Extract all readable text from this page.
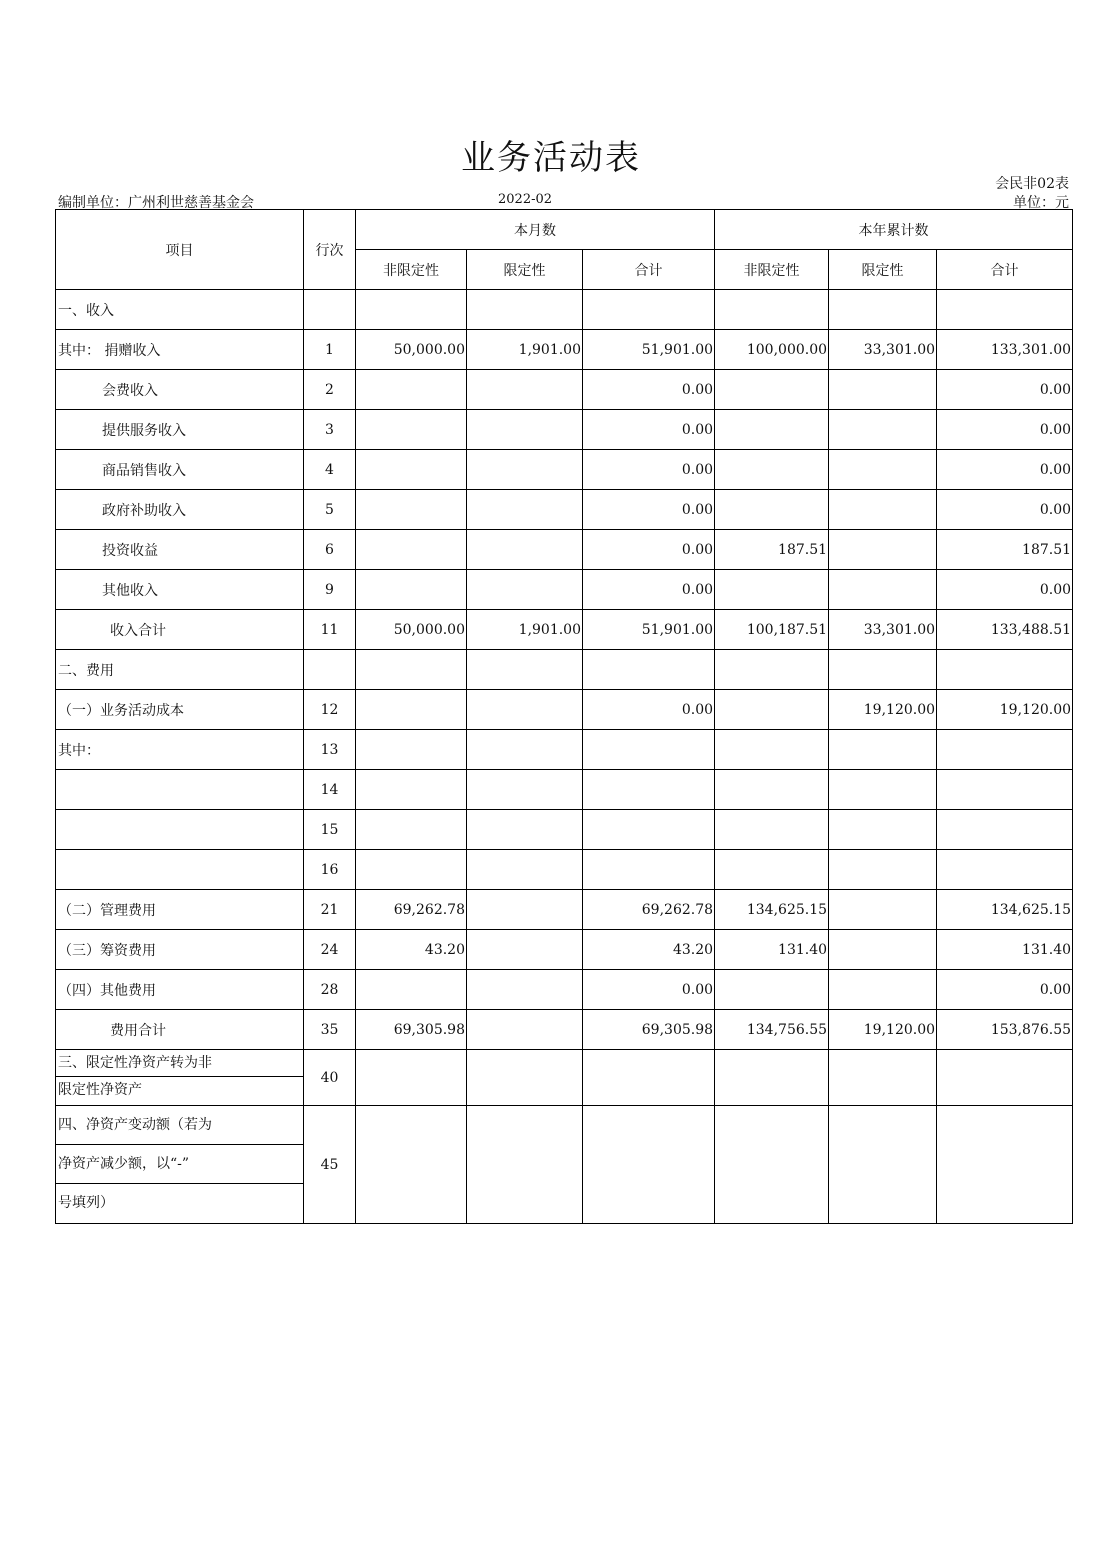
业务活动表
会民非02表
编制单位：广州利世慈善基金会	2022-02	单位：元
项目	行次	本月数			本年累计数		
		非限定性	限定性	合计	非限定性	限定性	合计
一、收入							
其中： 捐赠收入	1	50,000.00	1,901.00	51,901.00	100,000.00	33,301.00	133,301.00
会费收入	2			0.00			0.00
提供服务收入	3			0.00			0.00
商品销售收入	4			0.00			0.00
政府补助收入	5			0.00			0.00
投资收益	6			0.00	187.51		187.51
其他收入	9			0.00			0.00
收入合计	11	50,000.00	1,901.00	51,901.00	100,187.51	33,301.00	133,488.51
二、费用							
（一）业务活动成本	12			0.00		19,120.00	19,120.00
其中：	13						
	14						
	15						
	16						
（二）管理费用	21	69,262.78		69,262.78	134,625.15		134,625.15
（三）筹资费用	24	43.20		43.20	131.40		131.40
（四）其他费用	28			0.00			0.00
费用合计	35	69,305.98		69,305.98	134,756.55	19,120.00	153,876.55

三、限定性净资产转为非
限定性净资产	40						

四、净资产变动额（若为
净资产减少额，以“-”
号填列）	45						
